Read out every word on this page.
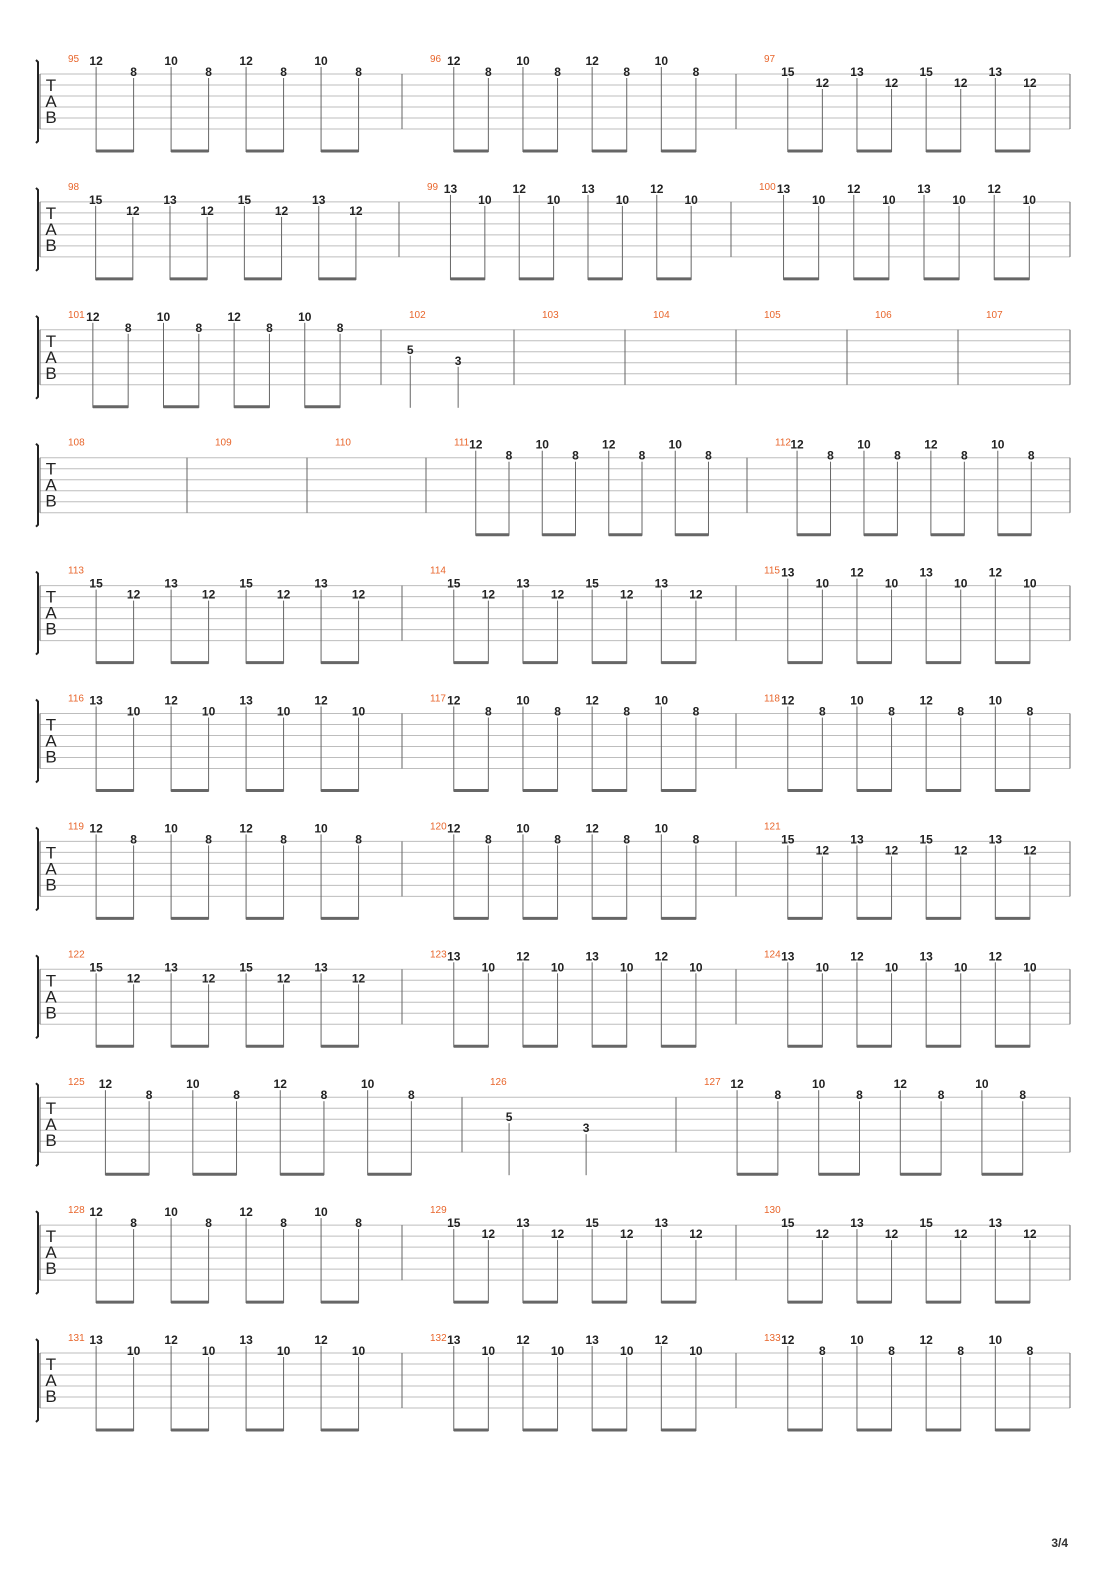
T
A
B
95 12
8
10
8
12
8
10
8
96 12
8
10
8
12
8
10
8
97
15
12
13
12
15
12
13
12
T
A
B
98
15
12
13
12
15
12
13
12
99 13
10
12
10
13
10
12
10
100 13
10
12
10
13
10
12
10
T
A
B
101 12
8
10
8
12
8
10
8
102
5
3
103	104	105	106	107
T
A
B
108	109	110	111 12
8
10
8
12
8
10
8
112 12
8
10
8
12
8
10
8
T
A
B
113
15
12
13
12
15
12
13
12
114
15
12
13
12
15
12
13
12
115 13
10
12
10
13
10
12
10
T
A
B
116 13
10
12
10
13
10
12
10
117 12
8
10
8
12
8
10
8
118 12
8
10
8
12
8
10
8
T
A
B
119 12
8
10
8
12
8
10
8
120 12
8
10
8
12
8
10
8
121
15
12
13
12
15
12
13
12
T
A
B
122
15
12
13
12
15
12
13
12
123 13
10
12
10
13
10
12
10
124 13
10
12
10
13
10
12
10
T
A
B
125 12
8
10
8
12
8
10
8
126
5
3
127 12
8
10
8
12
8
10
8
T
A
B
128 12
8
10
8
12
8
10
8
129
15
12
13
12
15
12
13
12
130
15
12
13
12
15
12
13
12
T
A
B
131 13
10
12
10
13
10
12
10
132 13
10
12
10
13
10
12
10
133 12
8
10
8
12
8
10
8
3/4
